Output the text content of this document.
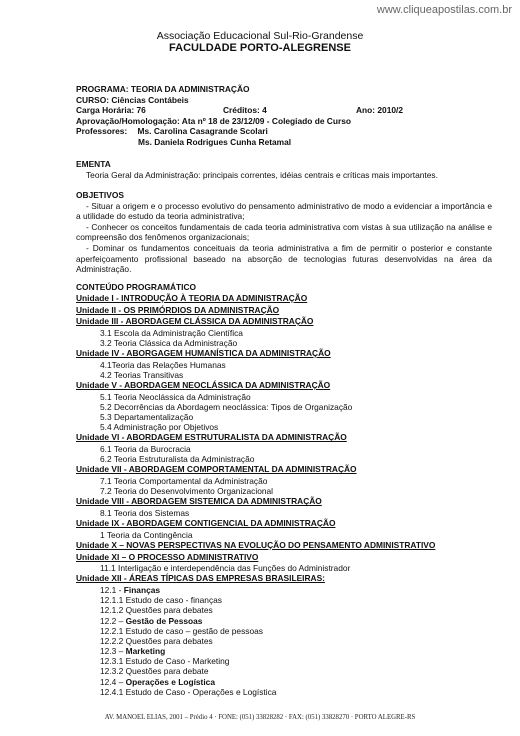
www.cliqueapostilas.com.br
Associação Educacional Sul-Rio-Grandense
FACULDADE PORTO-ALEGRENSE
PROGRAMA: TEORIA DA ADMINISTRAÇÃO
CURSO: Ciências Contábeis
Carga Horária: 76	Créditos: 4	Ano: 2010/2
Aprovação/Homologação: Ata nº 18 de 23/12/09 - Colegiado de Curso
Professores: Ms. Carolina Casagrande Scolari
Ms. Daniela Rodrigues Cunha Retamal
EMENTA
Teoria Geral da Administração: principais correntes, idéias centrais e críticas mais importantes.
OBJETIVOS
- Situar a origem e o processo evolutivo do pensamento administrativo de modo a evidenciar a importância e a utilidade do estudo da teoria administrativa;
- Conhecer os conceitos fundamentais de cada teoria administrativa com vistas à sua utilização na análise e compreensão dos fenômenos organizacionais;
- Dominar os fundamentos conceituais da teoria administrativa a fim de permitir o posterior e constante aperfeiçoamento profissional baseado na absorção de tecnologias futuras desenvolvidas na área da Administração.
CONTEÚDO PROGRAMÁTICO
Unidade I - INTRODUÇÃO À TEORIA DA ADMINISTRAÇÃO
Unidade II - OS PRIMÓRDIOS DA ADMINISTRAÇÃO
Unidade III - ABORDAGEM CLÁSSICA DA ADMINISTRAÇÃO
3.1 Escola da Administração Científica
3.2 Teoria Clássica da Administração
Unidade IV - ABORGAGEM HUMANÍSTICA DA ADMINISTRAÇÃO
4.1Teoria das Relações Humanas
4.2 Teorias Transitivas
Unidade V - ABORDAGEM NEOCLÁSSICA DA ADMINISTRAÇÃO
5.1 Teoria Neoclássica da Administração
5.2 Decorrências da Abordagem neoclássica: Tipos de Organização
5.3 Departamentalização
5.4 Administração por Objetivos
Unidade VI - ABORDAGEM ESTRUTURALISTA DA ADMINISTRAÇÃO
6.1 Teoria da Burocracia
6.2 Teoria Estruturalista da Administração
Unidade VII - ABORDAGEM COMPORTAMENTAL DA ADMINISTRAÇÃO
7.1 Teoria Comportamental da Administração
7.2 Teoria do Desenvolvimento Organizacional
Unidade VIII - ABORDAGEM SISTEMICA DA ADMINISTRAÇÃO
8.1 Teoria dos Sistemas
Unidade IX - ABORDAGEM CONTIGENCIAL DA ADMINISTRAÇÃO
1 Teoria da Contingência
Unidade X – NOVAS PERSPECTIVAS NA EVOLUÇÃO DO PENSAMENTO ADMINISTRATIVO
Unidade XI – O PROCESSO ADMINISTRATIVO
11.1 Interligação e interdependência das Funções do Administrador
Unidade XII - ÁREAS TÍPICAS DAS EMPRESAS BRASILEIRAS:
12.1 - Finanças
12.1.1 Estudo de caso - finanças
12.1.2 Questões para debates
12.2 – Gestão de Pessoas
12.2.1 Estudo de caso – gestão de pessoas
12.2.2 Questões para debates
12.3 – Marketing
12.3.1 Estudo de Caso - Marketing
12.3.2 Questões para debate
12.4 – Operações e Logística
12.4.1 Estudo de Caso - Operações e Logística
AV. MANOEL ELIAS, 2001 – Prédio 4 · FONE: (051) 33828282 · FAX: (051) 33828270 · PORTO ALEGRE-RS
